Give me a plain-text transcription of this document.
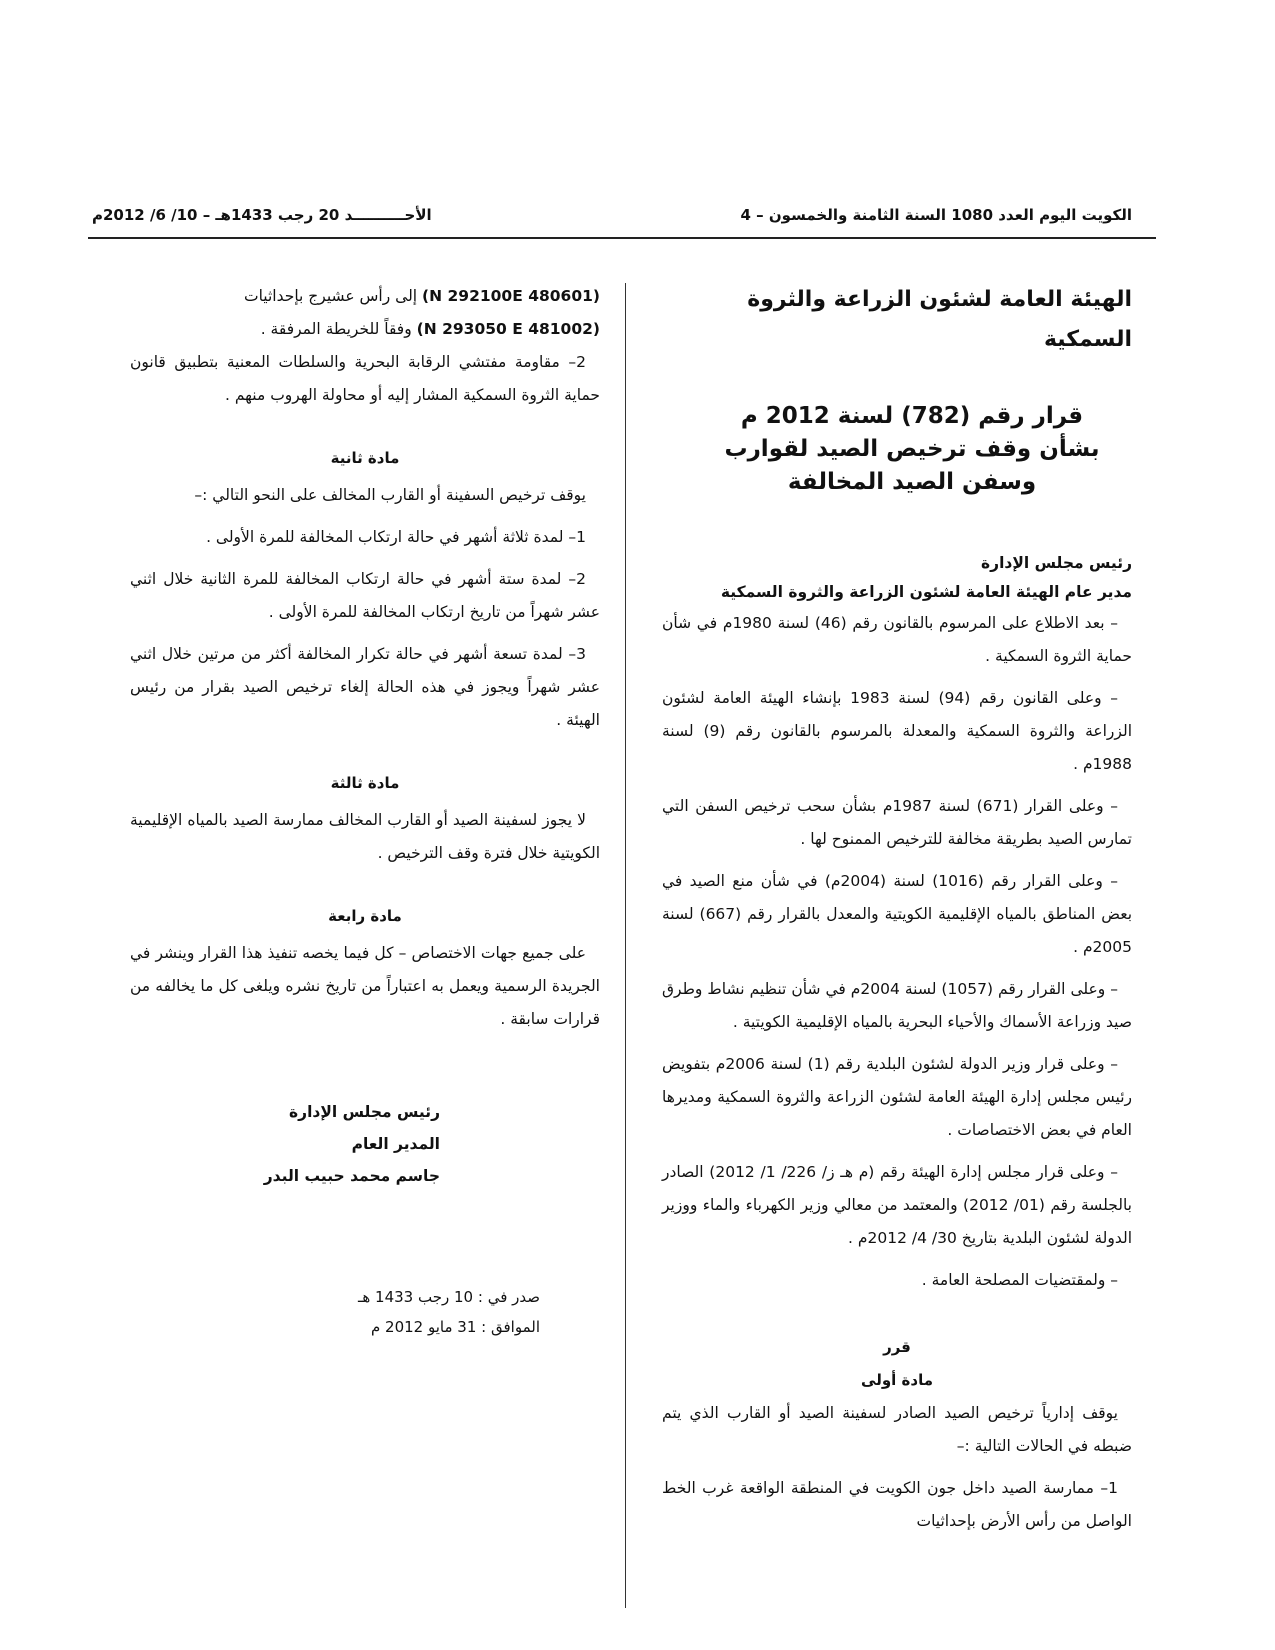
الكويت اليوم العدد 1080 السنة الثامنة والخمسون – 4
الأحــــــــــد 20 رجب 1433هـ – 10/ 6/ 2012م
الهيئة العامة لشئون الزراعة والثروة السمكية
قرار رقم (782) لسنة 2012 م
بشأن وقف ترخيص الصيد لقوارب
وسفن الصيد المخالفة
رئيس مجلس الإدارة
مدير عام الهيئة العامة لشئون الزراعة والثروة السمكية

– بعد الاطلاع على المرسوم بالقانون رقم (46) لسنة 1980م في شأن حماية الثروة السمكية .

– وعلى القانون رقم (94) لسنة 1983 بإنشاء الهيئة العامة لشئون الزراعة والثروة السمكية والمعدلة بالمرسوم بالقانون رقم (9) لسنة 1988م .

– وعلى القرار (671) لسنة 1987م بشأن سحب ترخيص السفن التي تمارس الصيد بطريقة مخالفة للترخيص الممنوح لها .

– وعلى القرار رقم (1016) لسنة (2004م) في شأن منع الصيد في بعض المناطق بالمياه الإقليمية الكويتية والمعدل بالقرار رقم (667) لسنة 2005م .

– وعلى القرار رقم (1057) لسنة 2004م في شأن تنظيم نشاط وطرق صيد وزراعة الأسماك والأحياء البحرية بالمياه الإقليمية الكويتية .

– وعلى قرار وزير الدولة لشئون البلدية رقم (1) لسنة 2006م بتفويض رئيس مجلس إدارة الهيئة العامة لشئون الزراعة والثروة السمكية ومديرها العام في بعض الاختصاصات .

– وعلى قرار مجلس إدارة الهيئة رقم (م هـ ز/ 226/ 1/ 2012) الصادر بالجلسة رقم (01/ 2012) والمعتمد من معالي وزير الكهرباء والماء ووزير الدولة لشئون البلدية بتاريخ 30/ 4/ 2012م .

– ولمقتضيات المصلحة العامة .

قرر
مادة أولى

يوقف إدارياً ترخيص الصيد الصادر لسفينة الصيد أو القارب الذي يتم ضبطه في الحالات التالية :–

1– ممارسة الصيد داخل جون الكويت في المنطقة الواقعة غرب الخط الواصل من رأس الأرض بإحداثيات

(N 292100E 480601) إلى رأس عشيرج بإحداثيات
(N 293050 E 481002) وفقاً للخريطة المرفقة .

2– مقاومة مفتشي الرقابة البحرية والسلطات المعنية بتطبيق قانون حماية الثروة السمكية المشار إليه أو محاولة الهروب منهم .

مادة ثانية

يوقف ترخيص السفينة أو القارب المخالف على النحو التالي :–

1– لمدة ثلاثة أشهر في حالة ارتكاب المخالفة للمرة الأولى .

2– لمدة ستة أشهر في حالة ارتكاب المخالفة للمرة الثانية خلال اثني عشر شهراً من تاريخ ارتكاب المخالفة للمرة الأولى .

3– لمدة تسعة أشهر في حالة تكرار المخالفة أكثر من مرتين خلال اثني عشر شهراً ويجوز في هذه الحالة إلغاء ترخيص الصيد بقرار من رئيس الهيئة .

مادة ثالثة

لا يجوز لسفينة الصيد أو القارب المخالف ممارسة الصيد بالمياه الإقليمية الكويتية خلال فترة وقف الترخيص .

مادة رابعة

على جميع جهات الاختصاص – كل فيما يخصه تنفيذ هذا القرار وينشر في الجريدة الرسمية ويعمل به اعتباراً من تاريخ نشره ويلغى كل ما يخالفه من قرارات سابقة .

رئيس مجلس الإدارة
المدير العام
جاسم محمد حبيب البدر
صدر في : 10 رجب 1433 هـ
الموافق : 31 مايو 2012 م
